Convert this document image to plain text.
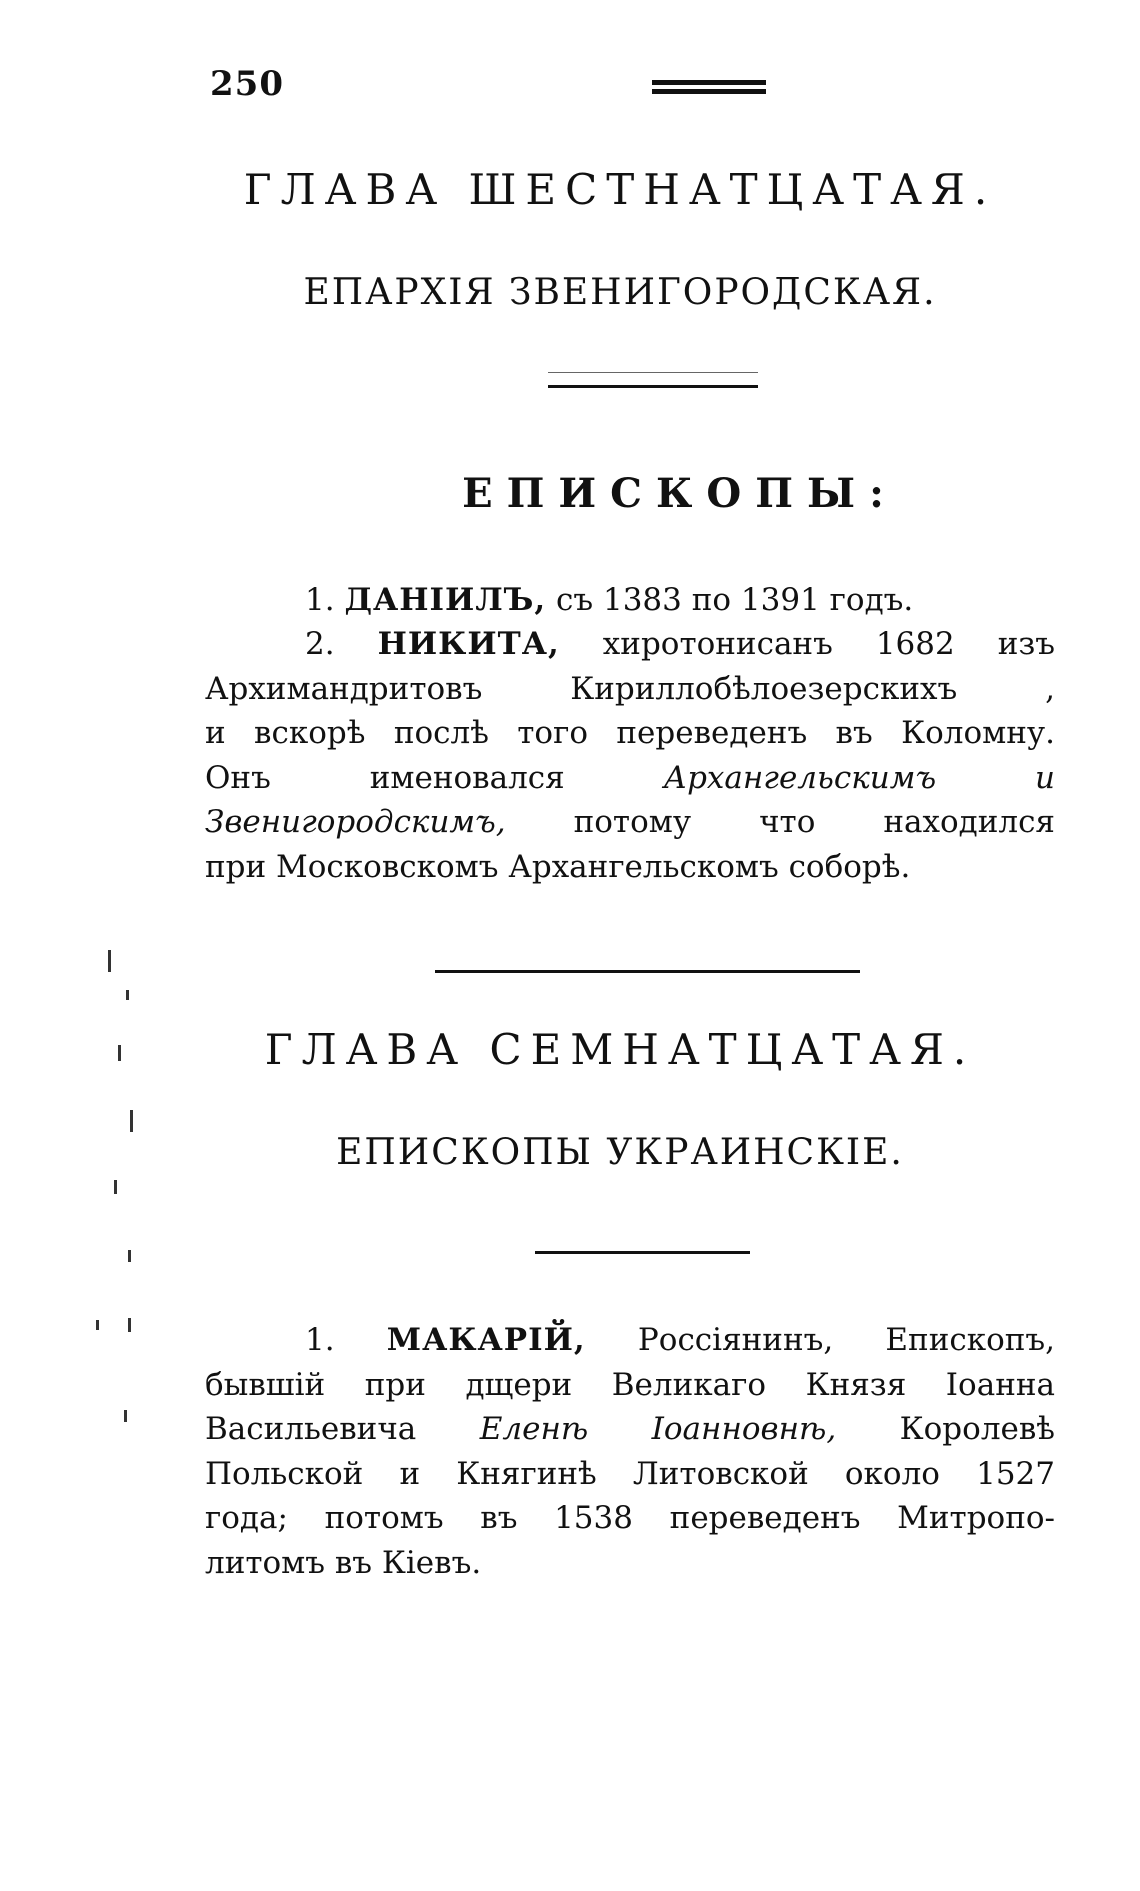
250
ГЛАВА ШЕСТНАТЦАТАЯ.
ЕПАРХІЯ ЗВЕНИГОРОДСКАЯ.
ЕПИСКОПЫ:
1. ДАНІИЛЪ, съ 1383 по 1391 годъ.
2. НИКИТА, хиротонисанъ 1682 изъ
Архимандритовъ Кириллобѣлоезерскихъ ,
и вскорѣ послѣ того переведенъ въ Коломну.
Онъ именовался	Архангельскимъ и
Звенигородскимъ, потому что находился
при Московскомъ Архангельскомъ соборѣ.
ГЛАВА СЕМНАТЦАТАЯ.
ЕПИСКОПЫ УКРАИНСКІЕ.
1. МАКАРІЙ, Россіянинъ, Епископъ,
бывшій при дщери Великаго Князя Іоанна
Васильевича Еленѣ Іоанновнѣ, Королевѣ
Польской и Княгинѣ Литовской около 1527
года; потомъ въ 1538 переведенъ Митропо-
литомъ въ Кіевъ.
